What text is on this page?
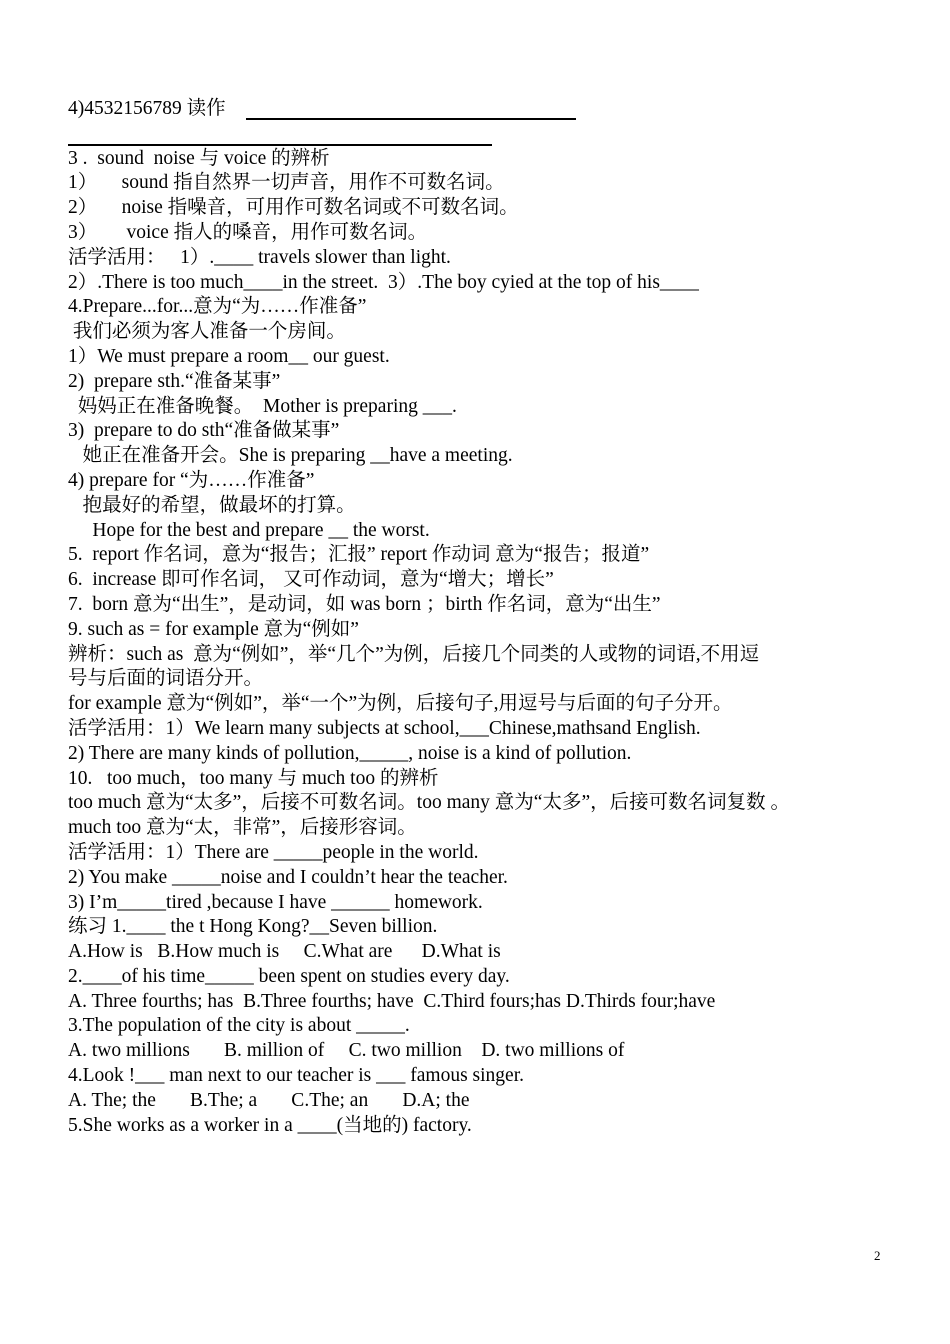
4)4532156789 读作

3 .  sound  noise 与 voice 的辨析
1）     sound 指自然界一切声音，用作不可数名词。
2）     noise 指噪音，可用作可数名词或不可数名词。
3）      voice 指人的嗓音，用作可数名词。
活学活用：   1）.____ travels slower than light.
2）.There is too much____in the street.  3）.The boy cyied at the top of his____
4.Prepare...for...意为“为……作准备”
我们必须为客人准备一个房间。
1）We must prepare a room__ our guest.
2)  prepare sth.“准备某事”
妈妈正在准备晚餐。  Mother is preparing ___.
3)  prepare to do sth“准备做某事”
她正在准备开会。She is preparing __have a meeting.
4) prepare for “为……作准备”
抱最好的希望，做最坏的打算。
Hope for the best and prepare __ the worst.
5.  report 作名词，意为“报告；汇报” report 作动词 意为“报告；报道”
6.  increase 即可作名词， 又可作动词，意为“增大；增长”
7.  born 意为“出生”，是动词，如 was born ；birth 作名词，意为“出生”
9. such as = for example 意为“例如”
辨析：such as  意为“例如”，举“几个”为例，后接几个同类的人或物的词语,不用逗
号与后面的词语分开。
for example 意为“例如”，举“一个”为例，后接句子,用逗号与后面的句子分开。
活学活用：1）We learn many subjects at school,___Chinese,mathsand English.
2) There are many kinds of pollution,_____, noise is a kind of pollution.
10.   too much，too many 与 much too 的辨析
too much 意为“太多”，后接不可数名词。too many 意为“太多”，后接可数名词复数 。
much too 意为“太，非常”，后接形容词。
活学活用：1）There are _____people in the world.
2) You make _____noise and I couldn’t hear the teacher.
3) I’m_____tired ,because I have ______ homework.
练习 1.____ the t Hong Kong?__Seven billion.
A.How is   B.How much is     C.What are      D.What is
2.____of his time_____ been spent on studies every day.
A. Three fourths; has  B.Three fourths; have  C.Third fours;has D.Thirds four;have
3.The population of the city is about _____.
A. two millions       B. million of     C. two million    D. two millions of
4.Look !___ man next to our teacher is ___ famous singer.
A. The; the       B.The; a       C.The; an       D.A; the
5.She works as a worker in a ____(当地的) factory.
2
